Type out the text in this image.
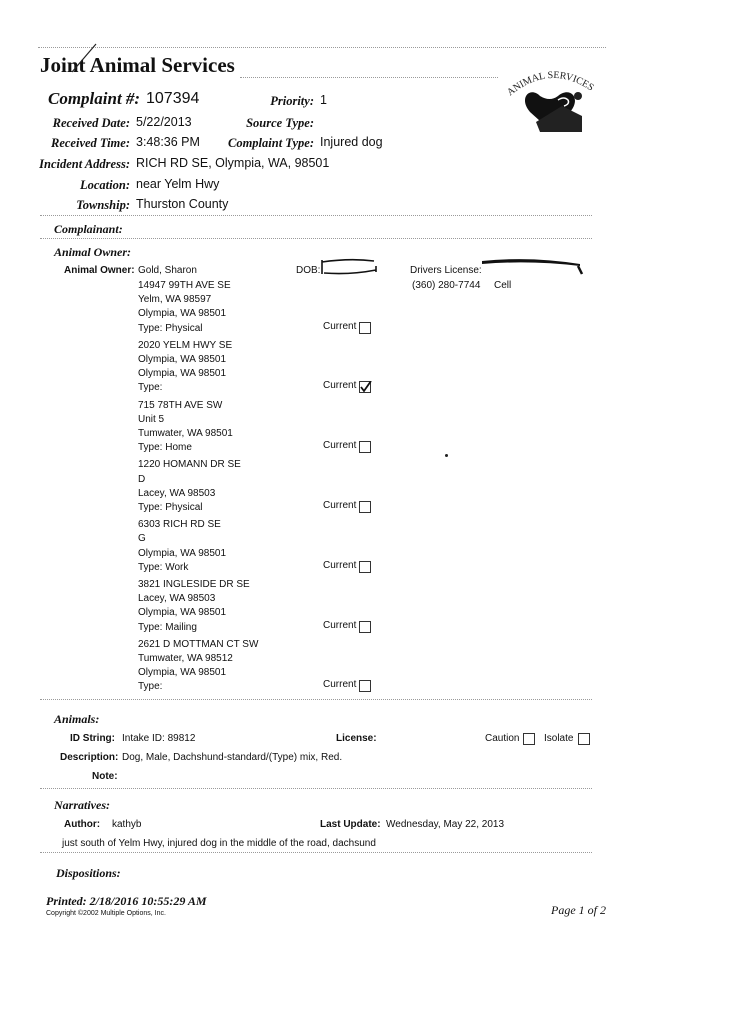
Joint Animal Services
ANIMAL SERVICES
Complaint #: 107394	Priority: 1
Received Date: 5/22/2013	Source Type:
Received Time: 3:48:36 PM	Complaint Type: Injured dog
Incident Address: RICH RD SE, Olympia, WA, 98501
Location: near Yelm Hwy
Township: Thurston County
Complainant:
Animal Owner:
Animal Owner: Gold, Sharon	DOB:	Drivers License:
(360) 280-7744 Cell
14947 99TH AVE SE
Yelm, WA 98597
Olympia, WA 98501
Type: Physical	Current
2020 YELM HWY SE
Olympia, WA 98501
Olympia, WA 98501
Type:	Current
715 78TH AVE SW
Unit 5
Tumwater, WA 98501
Type: Home	Current
1220 HOMANN DR SE
D
Lacey, WA 98503
Type: Physical	Current
6303 RICH RD SE
G
Olympia, WA 98501
Type: Work	Current
3821 INGLESIDE DR SE
Lacey, WA 98503
Olympia, WA 98501
Type: Mailing	Current
2621 D MOTTMAN CT SW
Tumwater, WA 98512
Olympia, WA 98501
Type:	Current
Animals:
ID String: Intake ID: 89812	License:	Caution Isolate
Description: Dog, Male, Dachshund-standard/(Type) mix, Red.
Note:
Narratives:
Author: kathyb	Last Update: Wednesday, May 22, 2013
just south of Yelm Hwy, injured dog in the middle of the road, dachsund
Dispositions:
Printed: 2/18/2016 10:55:29 AM
Copyright ©2002 Multiple Options, Inc.	Page 1 of 2
